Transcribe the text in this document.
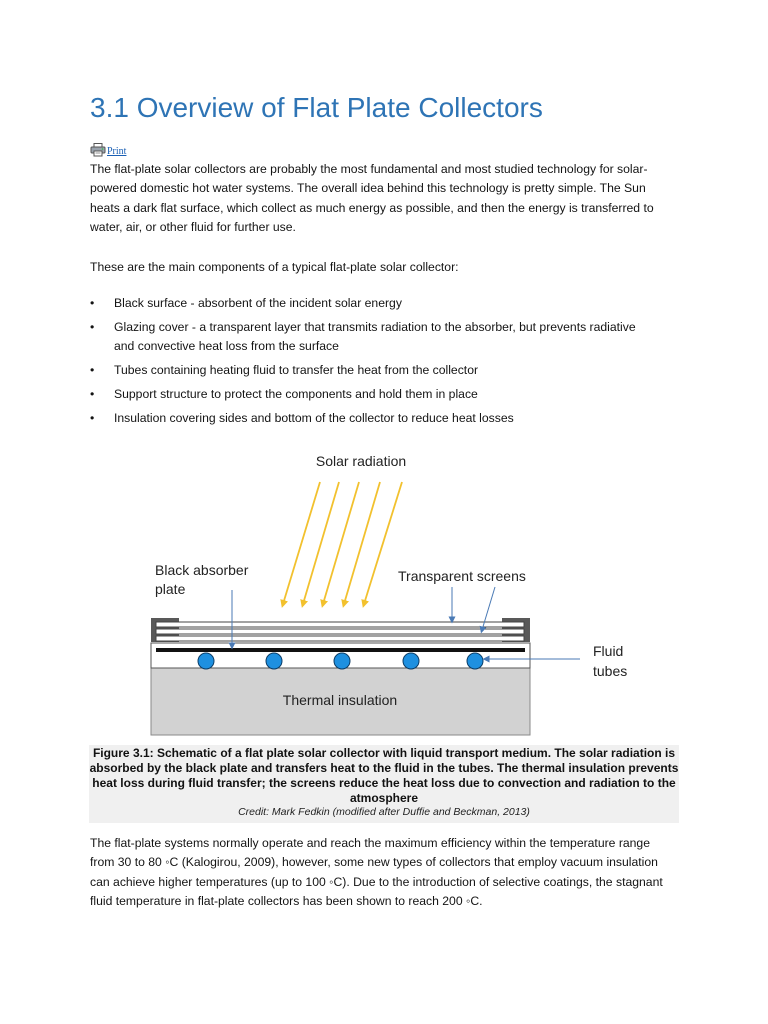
3.1 Overview of Flat Plate Collectors
Print

The flat-plate solar collectors are probably the most fundamental and most studied technology for solar-powered domestic hot water systems. The overall idea behind this technology is pretty simple. The Sun heats a dark flat surface, which collect as much energy as possible, and then the energy is transferred to water, air, or other fluid for further use.

These are the main components of a typical flat-plate solar collector:

• Black surface - absorbent of the incident solar energy
• Glazing cover - a transparent layer that transmits radiation to the absorber, but prevents radiative and convective heat loss from the surface
• Tubes containing heating fluid to transfer the heat from the collector
• Support structure to protect the components and hold them in place
• Insulation covering sides and bottom of the collector to reduce heat losses
Solar radiation
Black absorber
plate
Transparent screens
Fluid
tubes
Thermal insulation

Figure 3.1: Schematic of a flat plate solar collector with liquid transport medium. The solar radiation is absorbed by the black plate and transfers heat to the fluid in the tubes. The thermal insulation prevents heat loss during fluid transfer; the screens reduce the heat loss due to convection and radiation to the atmosphere

Credit: Mark Fedkin (modified after Duffie and Beckman, 2013)

The flat-plate systems normally operate and reach the maximum efficiency within the temperature range from 30 to 80 ◦C (Kalogirou, 2009), however, some new types of collectors that employ vacuum insulation can achieve higher temperatures (up to 100 ◦C). Due to the introduction of selective coatings, the stagnant fluid temperature in flat-plate collectors has been shown to reach 200 ◦C.
